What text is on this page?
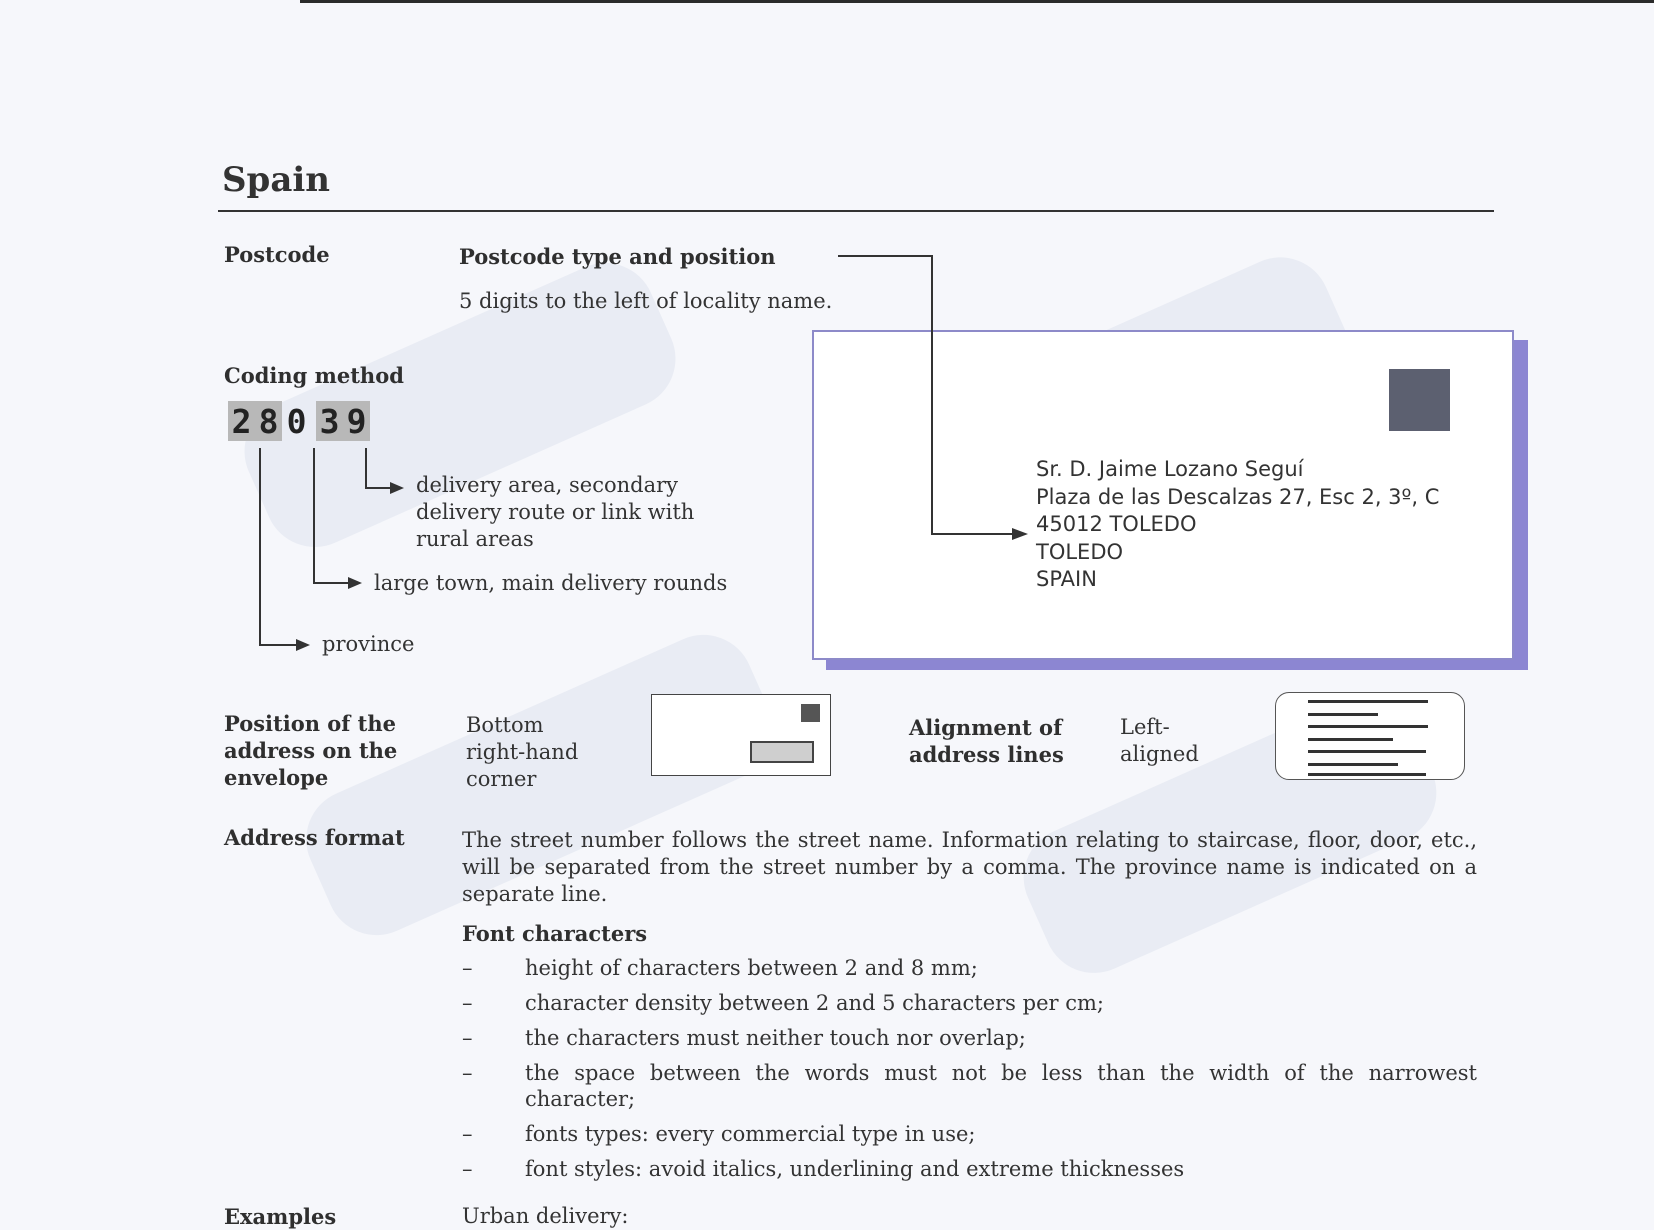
Spain
Postcode	Postcode type and position
5 digits to the left of locality name.
Sr. D. Jaime Lozano Seguí
Plaza de las Descalzas 27, Esc 2, 3º, C
45012 TOLEDO
TOLEDO
SPAIN
Coding method
2 8 0 3 9
delivery area, secondary
delivery route or link with
rural areas
large town, main delivery rounds
province
Position of the
address on the
envelope
Bottom
right-hand
corner
Alignment of
address lines
Left-
aligned
Address format	The street number follows the street name. Information relating to staircase, floor, door, etc., will be separated from the street number by a comma. The province name is indicated on a separate line.
Font characters
–	height of characters between 2 and 8 mm;
–	character density between 2 and 5 characters per cm;
–	the characters must neither touch nor overlap;
–	the space between the words must not be less than the width of the narrowest character;
–	fonts types: every commercial type in use;
–	font styles: avoid italics, underlining and extreme thicknesses
Examples	Urban delivery:
